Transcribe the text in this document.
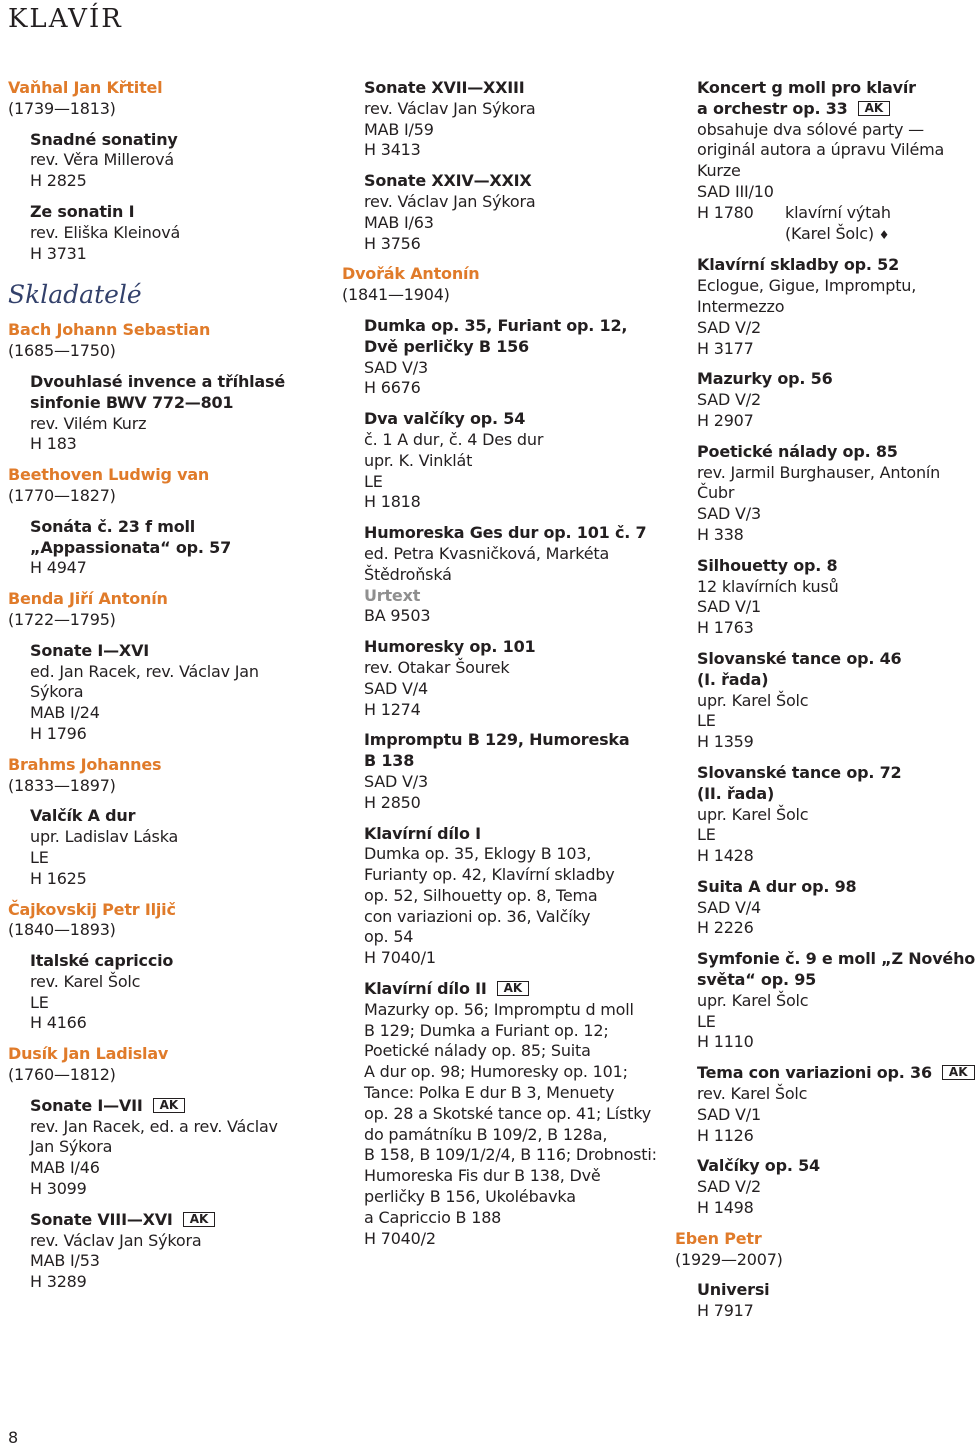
KLAVÍR
Vaňhal Jan Křtitel
(1739—1813)
Snadné sonatiny
rev. Věra Millerová
H 2825
Ze sonatin I
rev. Eliška Kleinová
H 3731
Skladatelé
Bach Johann Sebastian
(1685—1750)
Dvouhlasé invence a tříhlasé
sinfonie BWV 772—801
rev. Vilém Kurz
H 183
Beethoven Ludwig van
(1770—1827)
Sonáta č. 23 f moll
„Appassionata“ op. 57
H 4947
Benda Jiří Antonín
(1722—1795)
Sonate I—XVI
ed. Jan Racek, rev. Václav Jan
Sýkora
MAB I/24
H 1796
Brahms Johannes
(1833—1897)
Valčík A dur
upr. Ladislav Láska
LE
H 1625
Čajkovskij Petr Iljič
(1840—1893)
Italské capriccio
rev. Karel Šolc
LE
H 4166
Dusík Jan Ladislav
(1760—1812)
Sonate I—VII AK
rev. Jan Racek, ed. a rev. Václav
Jan Sýkora
MAB I/46
H 3099
Sonate VIII—XVI AK
rev. Václav Jan Sýkora
MAB I/53
H 3289
Sonate XVII—XXIII
rev. Václav Jan Sýkora
MAB I/59
H 3413
Sonate XXIV—XXIX
rev. Václav Jan Sýkora
MAB I/63
H 3756
Dvořák Antonín
(1841—1904)
Dumka op. 35, Furiant op. 12,
Dvě perličky B 156
SAD V/3
H 6676
Dva valčíky op. 54
č. 1 A dur, č. 4 Des dur
upr. K. Vinklát
LE
H 1818
Humoreska Ges dur op. 101 č. 7
ed. Petra Kvasničková, Markéta
Štědroňská
Urtext
BA 9503
Humoresky op. 101
rev. Otakar Šourek
SAD V/4
H 1274
Impromptu B 129, Humoreska
B 138
SAD V/3
H 2850
Klavírní dílo I
Dumka op. 35, Eklogy B 103,
Furianty op. 42, Klavírní skladby
op. 52, Silhouetty op. 8, Tema
con variazioni op. 36, Valčíky
op. 54
H 7040/1
Klavírní dílo II AK
Mazurky op. 56; Impromptu d moll
B 129; Dumka a Furiant op. 12;
Poetické nálady op. 85; Suita
A dur op. 98; Humoresky op. 101;
Tance: Polka E dur B 3, Menuety
op. 28 a Skotské tance op. 41; Lístky
do památníku B 109/2, B 128a,
B 158, B 109/1/2/4, B 116; Drobnosti:
Humoreska Fis dur B 138, Dvě
perličky B 156, Ukolébavka
a Capriccio B 188
H 7040/2
Koncert g moll pro klavír
a orchestr op. 33 AK
obsahuje dva sólové party —
originál autora a úpravu Viléma
Kurze
SAD III/10
H 1780 klavírní výtah
(Karel Šolc) ♦
Klavírní skladby op. 52
Eclogue, Gigue, Impromptu,
Intermezzo
SAD V/2
H 3177
Mazurky op. 56
SAD V/2
H 2907
Poetické nálady op. 85
rev. Jarmil Burghauser, Antonín
Čubr
SAD V/3
H 338
Silhouetty op. 8
12 klavírních kusů
SAD V/1
H 1763
Slovanské tance op. 46
(I. řada)
upr. Karel Šolc
LE
H 1359
Slovanské tance op. 72
(II. řada)
upr. Karel Šolc
LE
H 1428
Suita A dur op. 98
SAD V/4
H 2226
Symfonie č. 9 e moll „Z Nového
světa“ op. 95
upr. Karel Šolc
LE
H 1110
Tema con variazioni op. 36 AK
rev. Karel Šolc
SAD V/1
H 1126
Valčíky op. 54
SAD V/2
H 1498
Eben Petr
(1929—2007)
Universi
H 7917
8
